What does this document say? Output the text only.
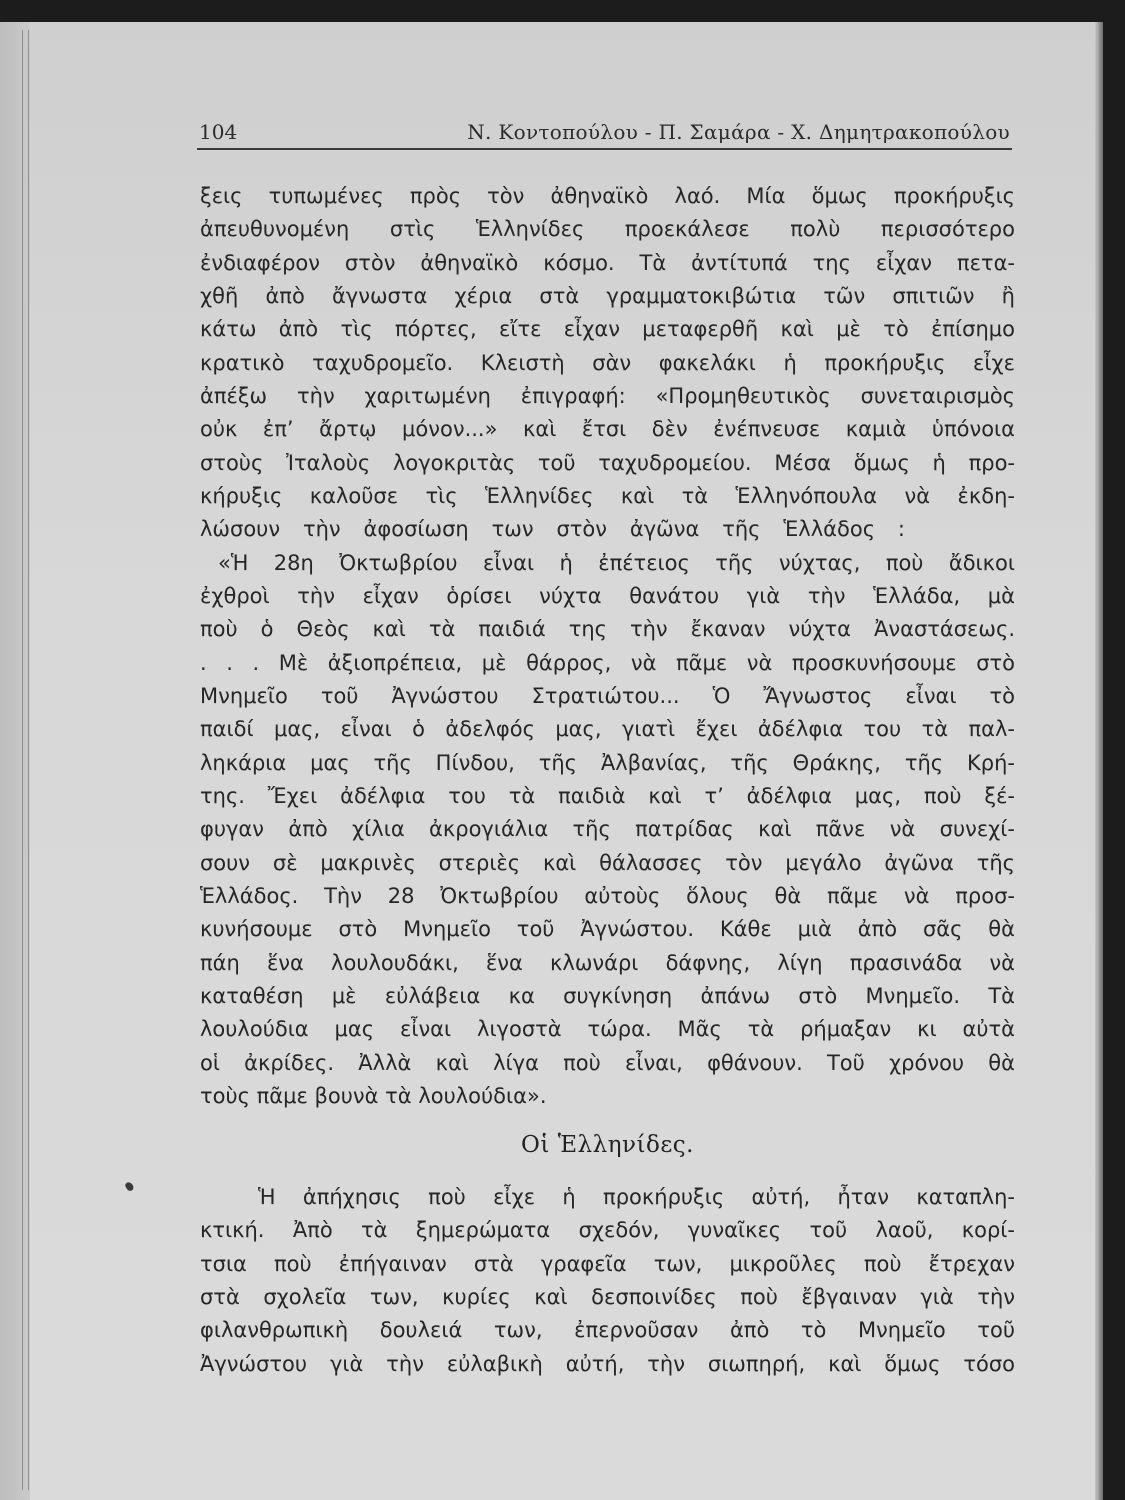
104	Ν. Κοντοπούλου - Π. Σαμάρα - Χ. Δημητρακοπούλου
ξεις τυπωμένες πρὸς τὸν ἀθηναϊκὸ λαό. Μία ὅμως προκήρυξις
ἀπευθυνομένη στὶς Ἑλληνίδες προεκάλεσε πολὺ περισσότερο
ἐνδιαφέρον στὸν ἀθηναϊκὸ κόσμο. Τὰ ἀντίτυπά της εἶχαν πετα-
χθῆ ἀπὸ ἄγνωστα χέρια στὰ γραμματοκιβώτια τῶν σπιτιῶν ἢ
κάτω ἀπὸ τὶς πόρτες, εἴτε εἶχαν μεταφερθῆ καὶ μὲ τὸ ἐπίσημο
κρατικὸ ταχυδρομεῖο. Κλειστὴ σὰν φακελάκι ἡ προκήρυξις εἶχε
ἀπέξω τὴν χαριτωμένη ἐπιγραφή: «Προμηθευτικὸς συνεταιρισμὸς
οὐκ ἐπ’ ἄρτῳ μόνον...» καὶ ἔτσι δὲν ἐνέπνευσε καμιὰ ὑπόνοια
στοὺς Ἰταλοὺς λογοκριτὰς τοῦ ταχυδρομείου. Μέσα ὅμως ἡ προ-
κήρυξις καλοῦσε τὶς Ἑλληνίδες καὶ τὰ Ἑλληνόπουλα νὰ ἐκδη-
λώσουν τὴν ἀφοσίωση των στὸν ἀγῶνα τῆς Ἑλλάδος :
«Ἡ 28η Ὀκτωβρίου εἶναι ἡ ἐπέτειος τῆς νύχτας, ποὺ ἄδικοι
ἐχθροὶ τὴν εἶχαν ὁρίσει νύχτα θανάτου γιὰ τὴν Ἑλλάδα, μὰ
ποὺ ὁ Θεὸς καὶ τὰ παιδιά της τὴν ἔκαναν νύχτα Ἀναστάσεως.
. . . Μὲ ἀξιοπρέπεια, μὲ θάρρος, νὰ πᾶμε νὰ προσκυνήσουμε στὸ
Μνημεῖο τοῦ Ἀγνώστου Στρατιώτου... Ὁ Ἄγνωστος εἶναι τὸ
παιδί μας, εἶναι ὁ ἀδελφός μας, γιατὶ ἔχει ἀδέλφια του τὰ παλ-
ληκάρια μας τῆς Πίνδου, τῆς Ἀλβανίας, τῆς Θράκης, τῆς Κρή-
της. Ἔχει ἀδέλφια του τὰ παιδιὰ καὶ τ’ ἀδέλφια μας, ποὺ ξέ-
φυγαν ἀπὸ χίλια ἀκρογιάλια τῆς πατρίδας καὶ πᾶνε νὰ συνεχί-
σουν σὲ μακρινὲς στεριὲς καὶ θάλασσες τὸν μεγάλο ἀγῶνα τῆς
Ἑλλάδος. Τὴν 28 Ὀκτωβρίου αὐτοὺς ὅλους θὰ πᾶμε νὰ προσ-
κυνήσουμε στὸ Μνημεῖο τοῦ Ἀγνώστου. Κάθε μιὰ ἀπὸ σᾶς θὰ
πάη ἕνα λουλουδάκι, ἕνα κλωνάρι δάφνης, λίγη πρασινάδα νὰ
καταθέση μὲ εὐλάβεια κα συγκίνηση ἀπάνω στὸ Μνημεῖο. Τὰ
λουλούδια μας εἶναι λιγοστὰ τώρα. Μᾶς τὰ ρήμαξαν κι αὐτὰ
οἱ ἀκρίδες. Ἀλλὰ καὶ λίγα ποὺ εἶναι, φθάνουν. Τοῦ χρόνου θὰ
τοὺς πᾶμε βουνὰ τὰ λουλούδια».
Οἱ Ἑλληνίδες.
Ἡ ἀπήχησις ποὺ εἶχε ἡ προκήρυξις αὐτή, ἦταν καταπλη-
κτική. Ἀπὸ τὰ ξημερώματα σχεδόν, γυναῖκες τοῦ λαοῦ, κορί-
τσια ποὺ ἐπήγαιναν στὰ γραφεῖα των, μικροῦλες ποὺ ἔτρεχαν
στὰ σχολεῖα των, κυρίες καὶ δεσποινίδες ποὺ ἔβγαιναν γιὰ τὴν
φιλανθρωπικὴ δουλειά των, ἐπερνοῦσαν ἀπὸ τὸ Μνημεῖο τοῦ
Ἀγνώστου γιὰ τὴν εὐλαβικὴ αὐτή, τὴν σιωπηρή, καὶ ὅμως τόσο
